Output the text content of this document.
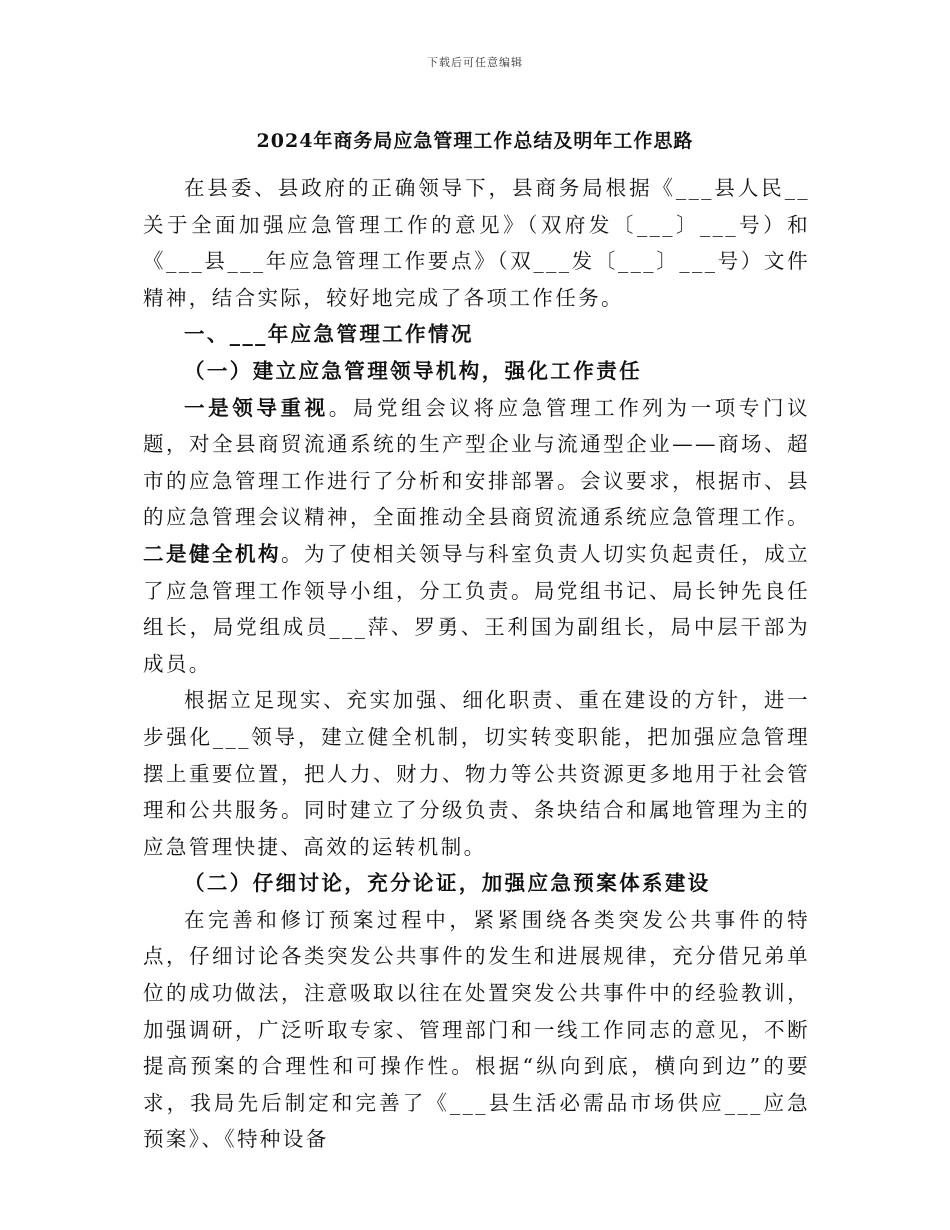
下载后可任意编辑
2024年商务局应急管理工作总结及明年工作思路

在县委、县政府的正确领导下，县商务局根据《___县人民__关于全面加强应急管理工作的意见》（双府发〔___〕___号）和《___县___年应急管理工作要点》（双___发〔___〕___号）文件精神，结合实际，较好地完成了各项工作任务。

一、___年应急管理工作情况

（一）建立应急管理领导机构，强化工作责任

一是领导重视。局党组会议将应急管理工作列为一项专门议题，对全县商贸流通系统的生产型企业与流通型企业——商场、超市的应急管理工作进行了分析和安排部署。会议要求，根据市、县的应急管理会议精神，全面推动全县商贸流通系统应急管理工作。二是健全机构。为了使相关领导与科室负责人切实负起责任，成立了应急管理工作领导小组，分工负责。局党组书记、局长钟先良任组长，局党组成员___萍、罗勇、王利国为副组长，局中层干部为成员。

根据立足现实、充实加强、细化职责、重在建设的方针，进一步强化___领导，建立健全机制，切实转变职能，把加强应急管理摆上重要位置，把人力、财力、物力等公共资源更多地用于社会管理和公共服务。同时建立了分级负责、条块结合和属地管理为主的应急管理快捷、高效的运转机制。

（二）仔细讨论，充分论证，加强应急预案体系建设

在完善和修订预案过程中，紧紧围绕各类突发公共事件的特点，仔细讨论各类突发公共事件的发生和进展规律，充分借兄弟单位的成功做法，注意吸取以往在处置突发公共事件中的经验教训，加强调研，广泛听取专家、管理部门和一线工作同志的意见，不断提高预案的合理性和可操作性。根据“纵向到底，横向到边”的要求，我局先后制定和完善了《___县生活必需品市场供应___应急预案》、《特种设备
